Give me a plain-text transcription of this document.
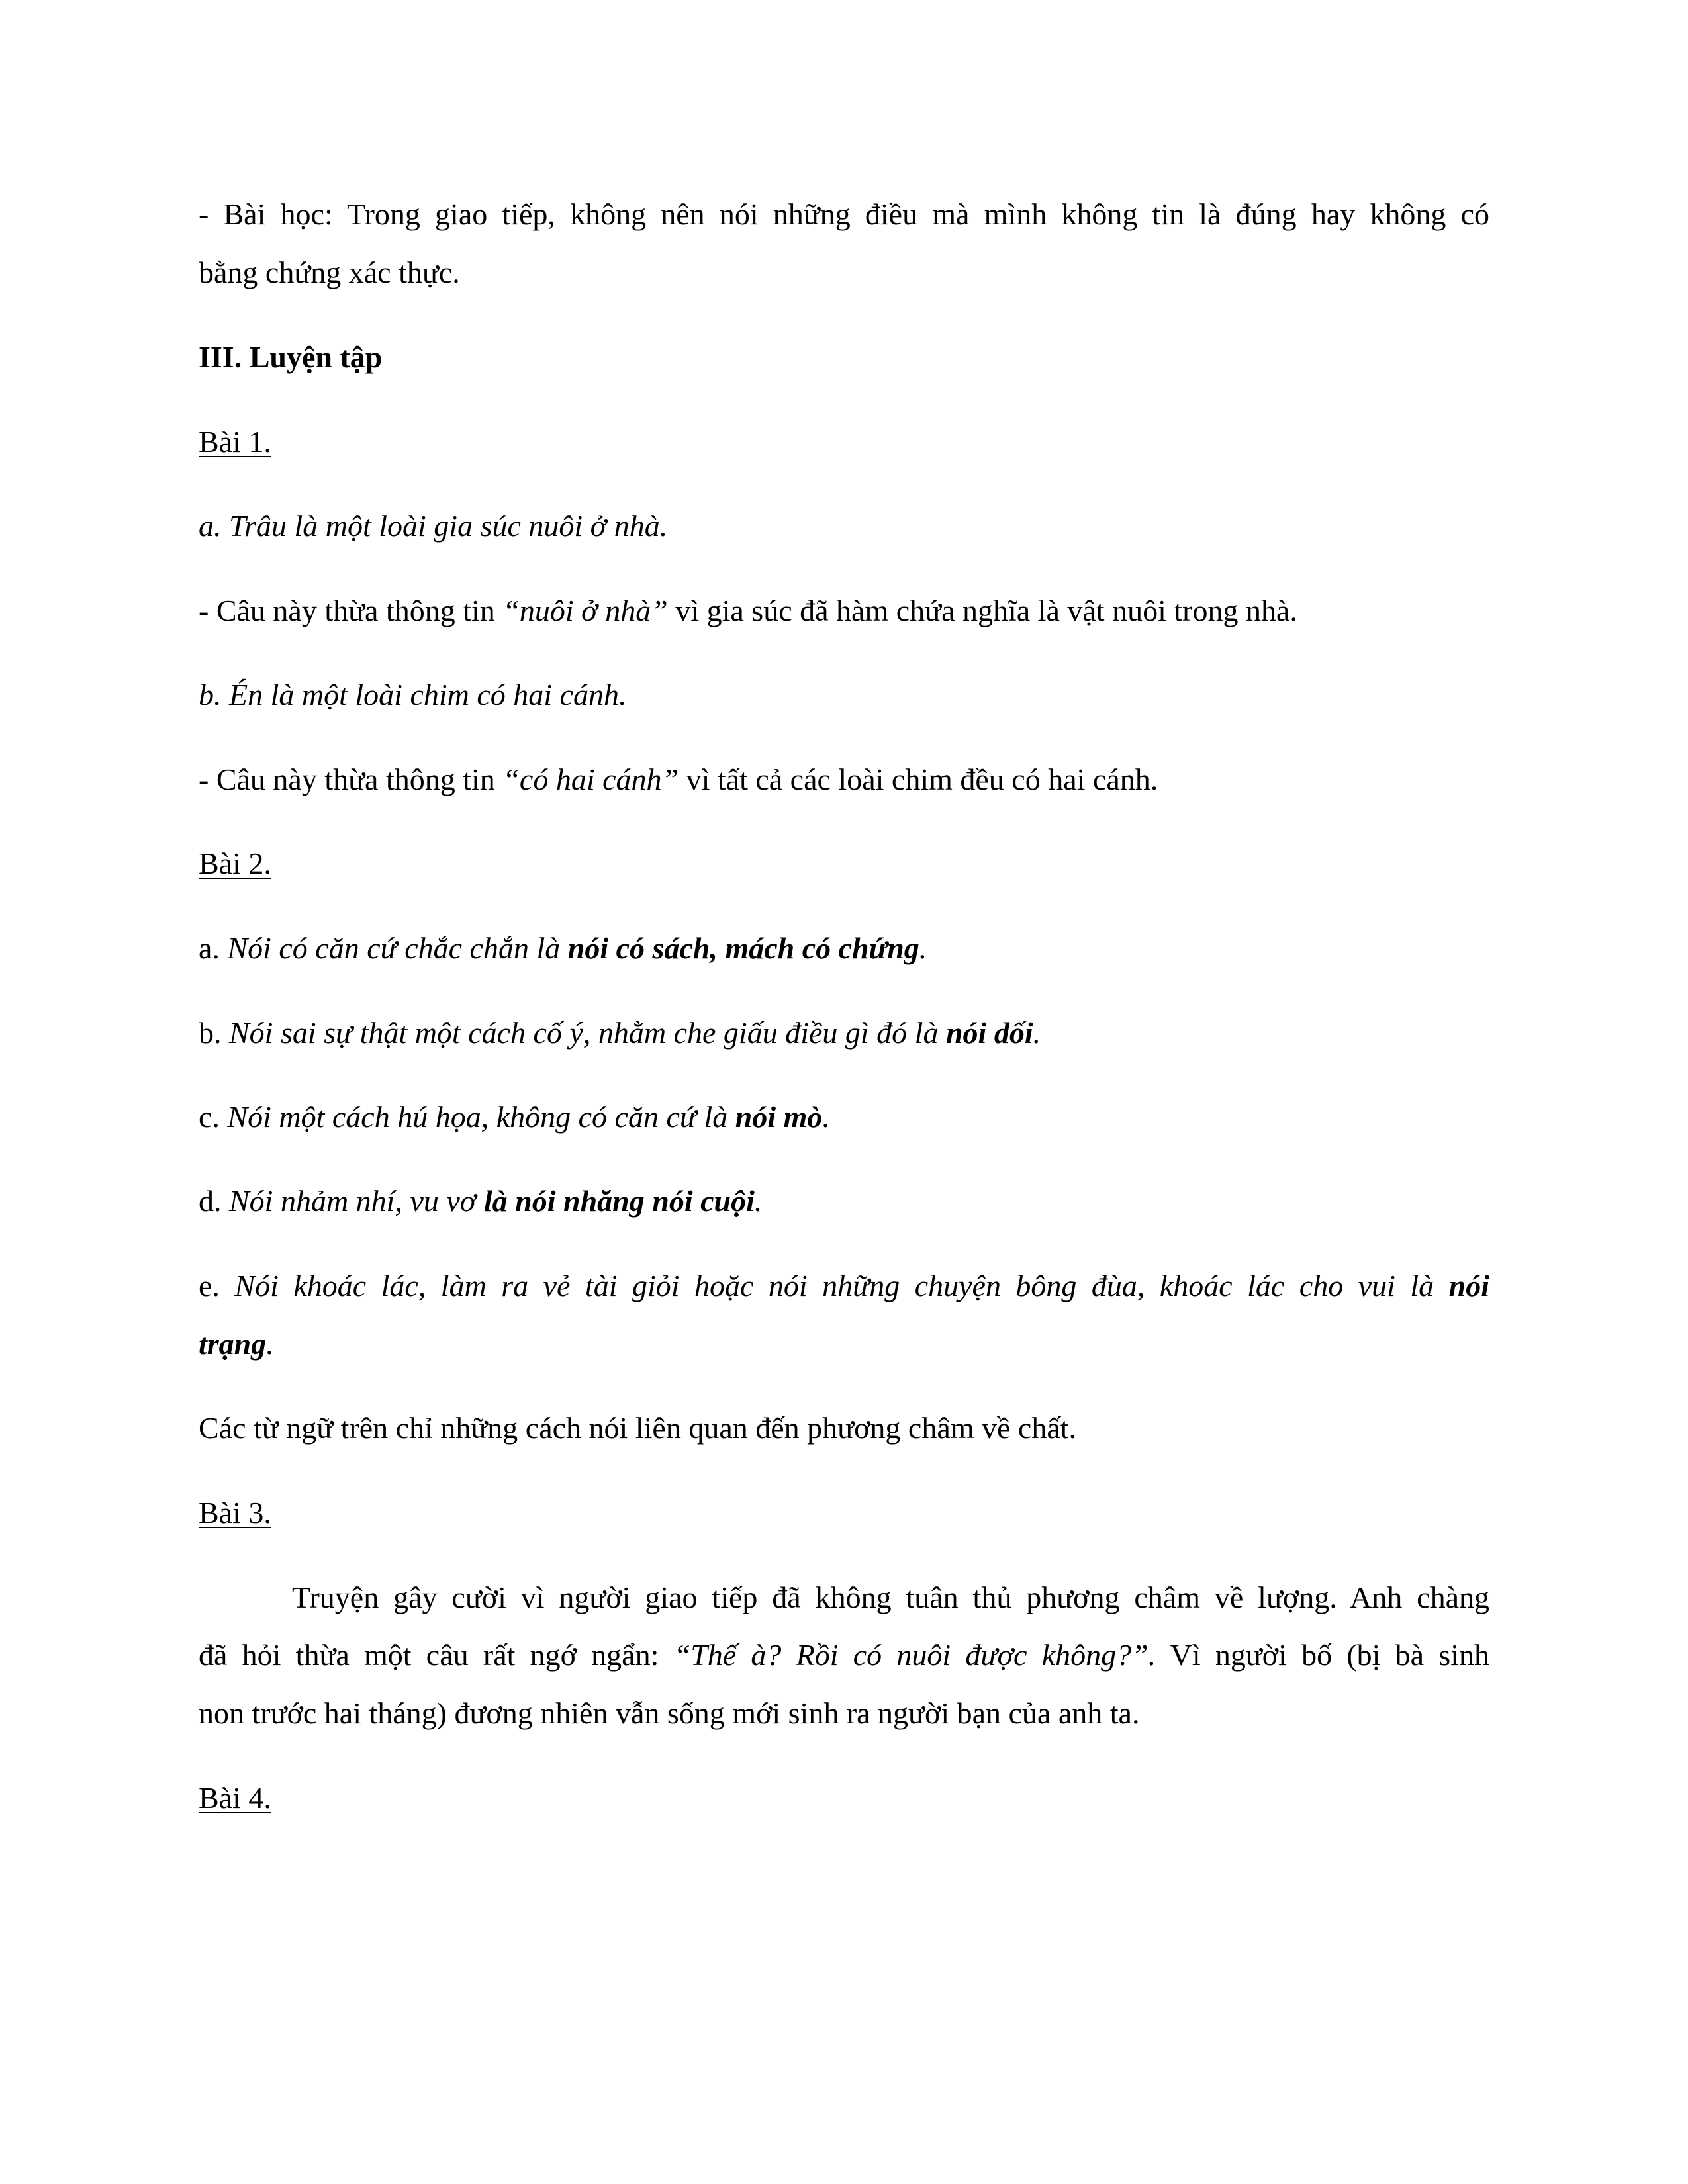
- Bài học: Trong giao tiếp, không nên nói những điều mà mình không tin là đúng hay không có
bằng chứng xác thực.
III. Luyện tập
Bài 1.
a. Trâu là một loài gia súc nuôi ở nhà.
- Câu này thừa thông tin “nuôi ở nhà” vì gia súc đã hàm chứa nghĩa là vật nuôi trong nhà.
b. Én là một loài chim có hai cánh.
- Câu này thừa thông tin “có hai cánh” vì tất cả các loài chim đều có hai cánh.
Bài 2.
a. Nói có căn cứ chắc chắn là nói có sách, mách có chứng.
b. Nói sai sự thật một cách cố ý, nhằm che giấu điều gì đó là nói dối.
c. Nói một cách hú họa, không có căn cứ là nói mò.
d. Nói nhảm nhí, vu vơ là nói nhăng nói cuội.
e. Nói khoác lác, làm ra vẻ tài giỏi hoặc nói những chuyện bông đùa, khoác lác cho vui là nói
trạng.
Các từ ngữ trên chỉ những cách nói liên quan đến phương châm về chất.
Bài 3.
Truyện gây cười vì người giao tiếp đã không tuân thủ phương châm về lượng. Anh chàng
đã hỏi thừa một câu rất ngớ ngẩn: “Thế à? Rồi có nuôi được không?”. Vì người bố (bị bà sinh
non trước hai tháng) đương nhiên vẫn sống mới sinh ra người bạn của anh ta.
Bài 4.
